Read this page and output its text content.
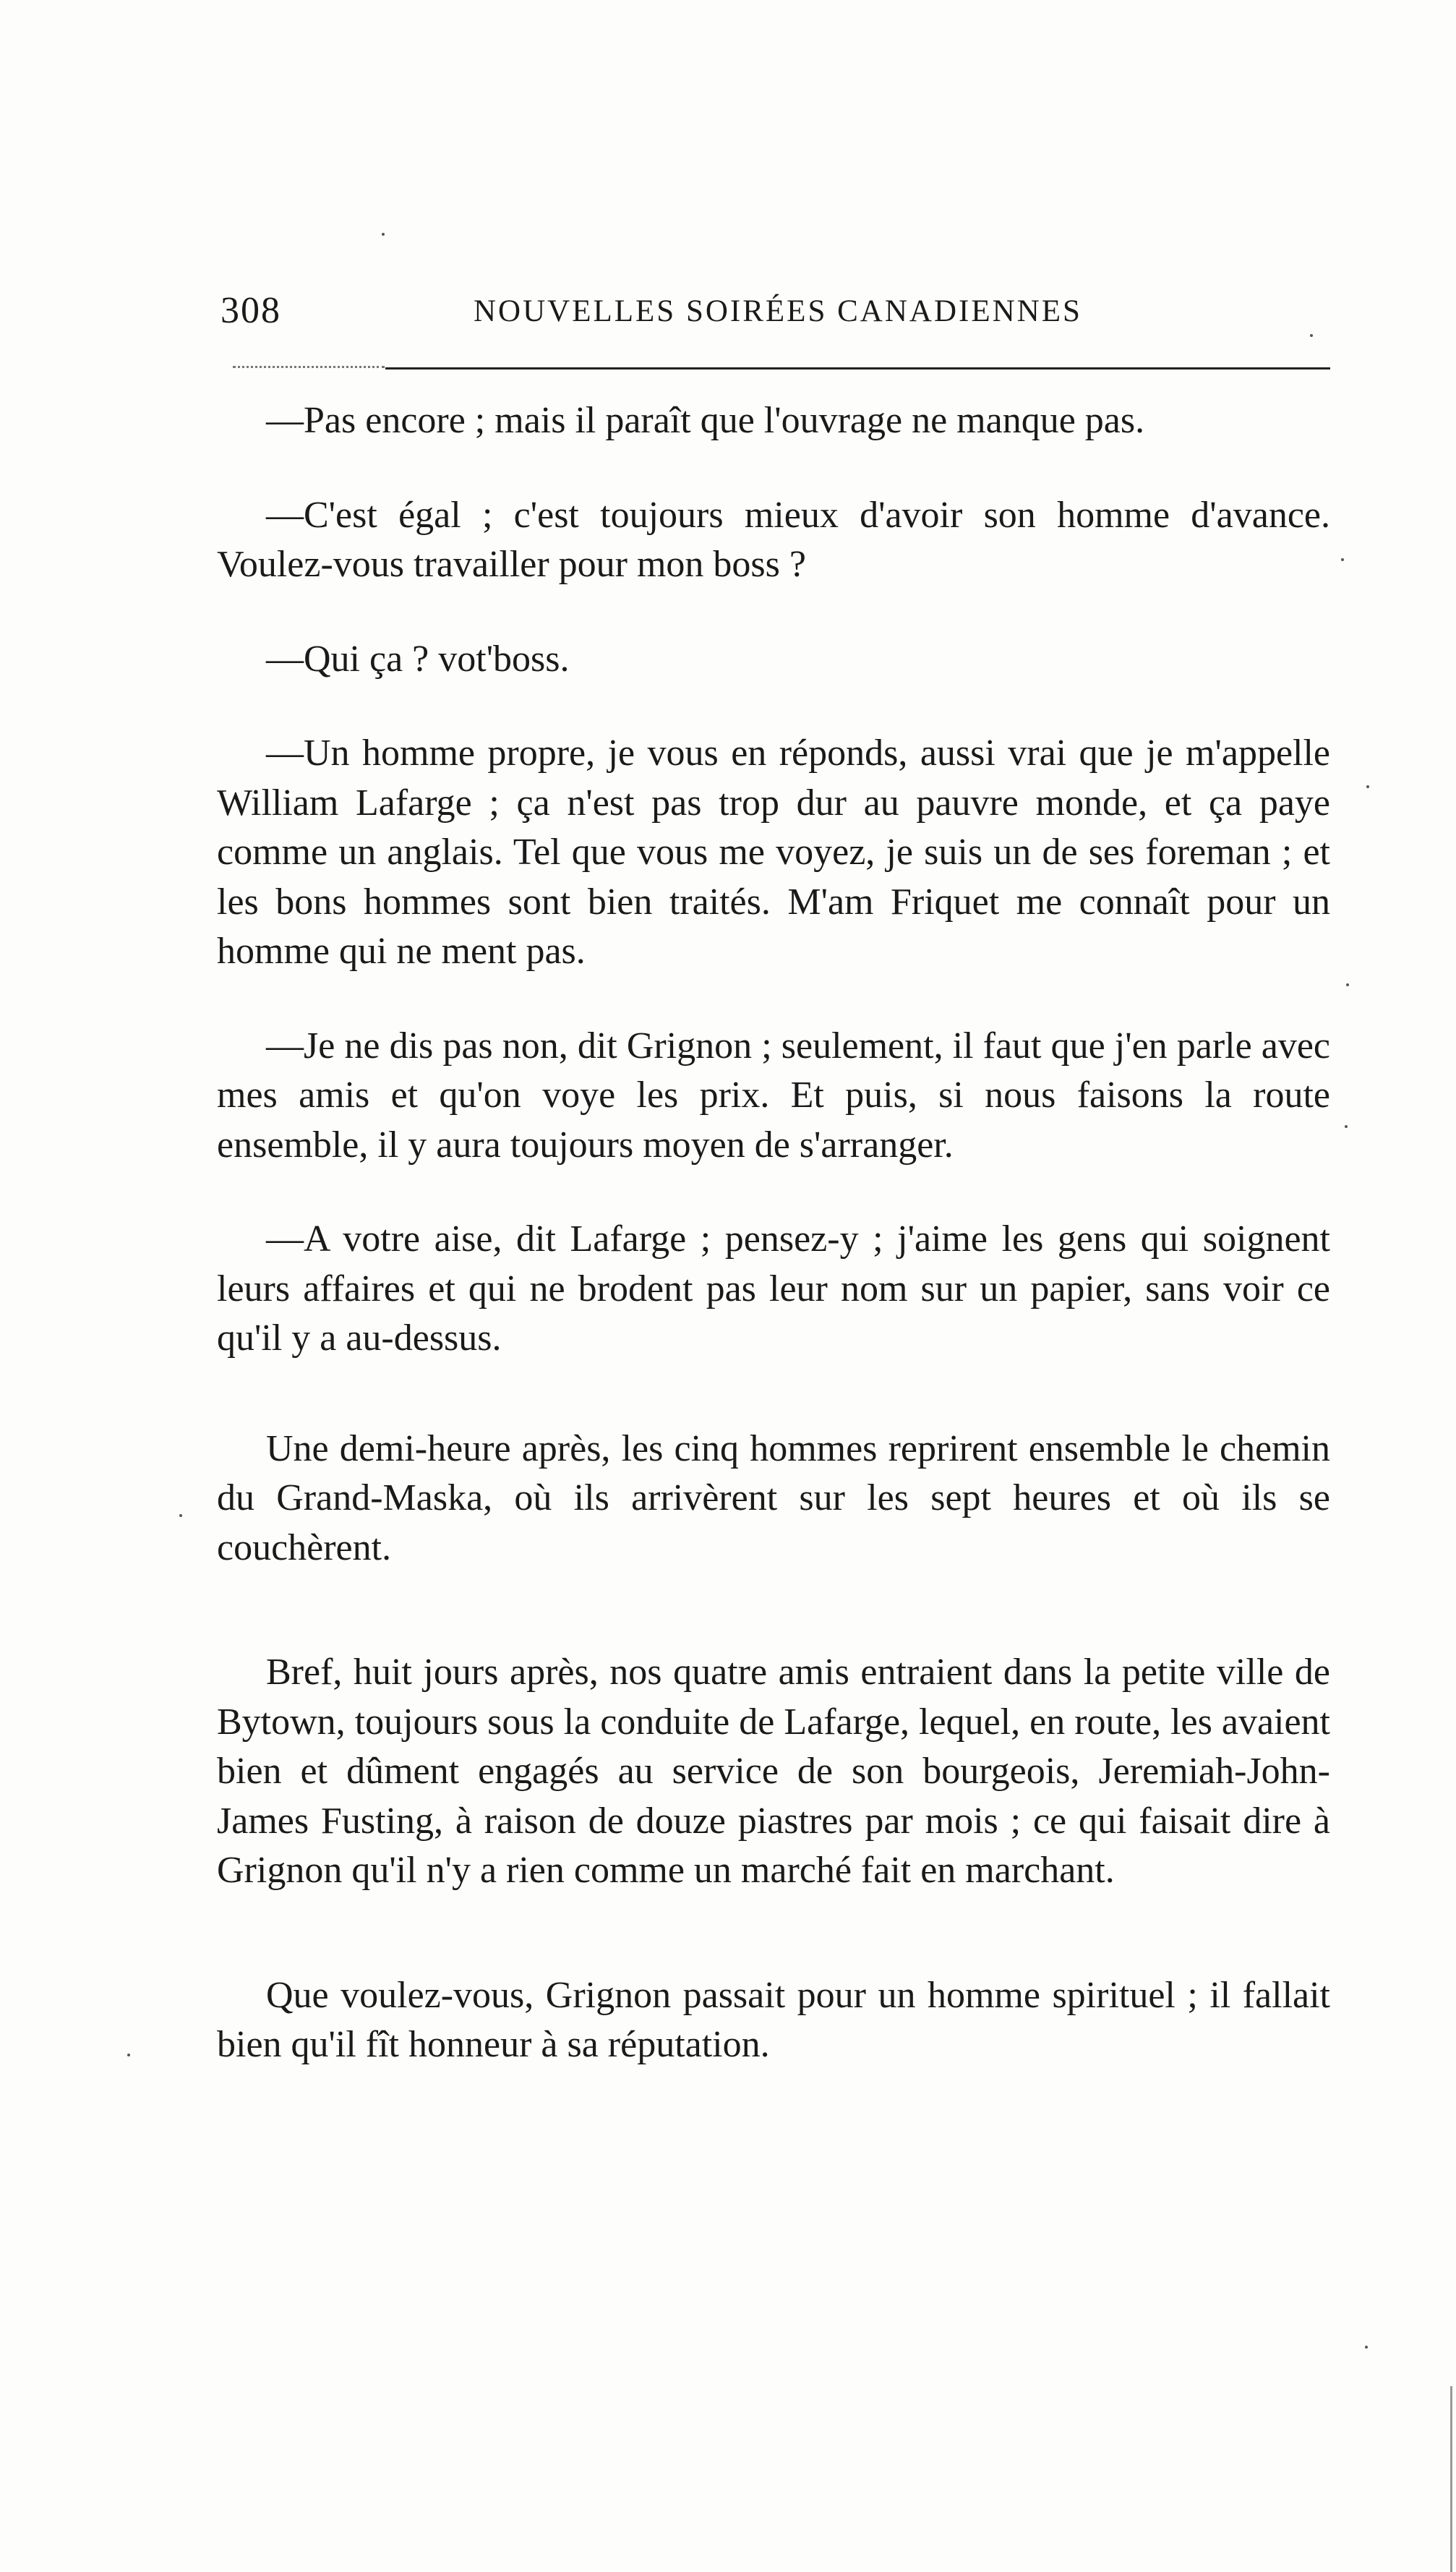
308	NOUVELLES SOIRÉES CANADIENNES

—Pas encore ; mais il paraît que l'ouvrage ne manque pas.

—C'est égal ; c'est toujours mieux d'avoir son homme d'avance. Voulez-vous travailler pour mon boss ?

—Qui ça ? vot'boss.

—Un homme propre, je vous en réponds, aussi vrai que je m'appelle William Lafarge ; ça n'est pas trop dur au pauvre monde, et ça paye comme un anglais. Tel que vous me voyez, je suis un de ses foreman ; et les bons hommes sont bien traités. M'am Friquet me connaît pour un homme qui ne ment pas.

—Je ne dis pas non, dit Grignon ; seulement, il faut que j'en parle avec mes amis et qu'on voye les prix. Et puis, si nous faisons la route ensemble, il y aura toujours moyen de s'arranger.

—A votre aise, dit Lafarge ; pensez-y ; j'aime les gens qui soignent leurs affaires et qui ne brodent pas leur nom sur un papier, sans voir ce qu'il y a au-dessus.

Une demi-heure après, les cinq hommes reprirent ensemble le chemin du Grand-Maska, où ils arrivèrent sur les sept heures et où ils se couchèrent.

Bref, huit jours après, nos quatre amis entraient dans la petite ville de Bytown, toujours sous la conduite de Lafarge, lequel, en route, les avaient bien et dûment engagés au service de son bourgeois, Jeremiah-John-James Fusting, à raison de douze piastres par mois ; ce qui faisait dire à Grignon qu'il n'y a rien comme un marché fait en marchant.

Que voulez-vous, Grignon passait pour un homme spirituel ; il fallait bien qu'il fît honneur à sa réputation.
